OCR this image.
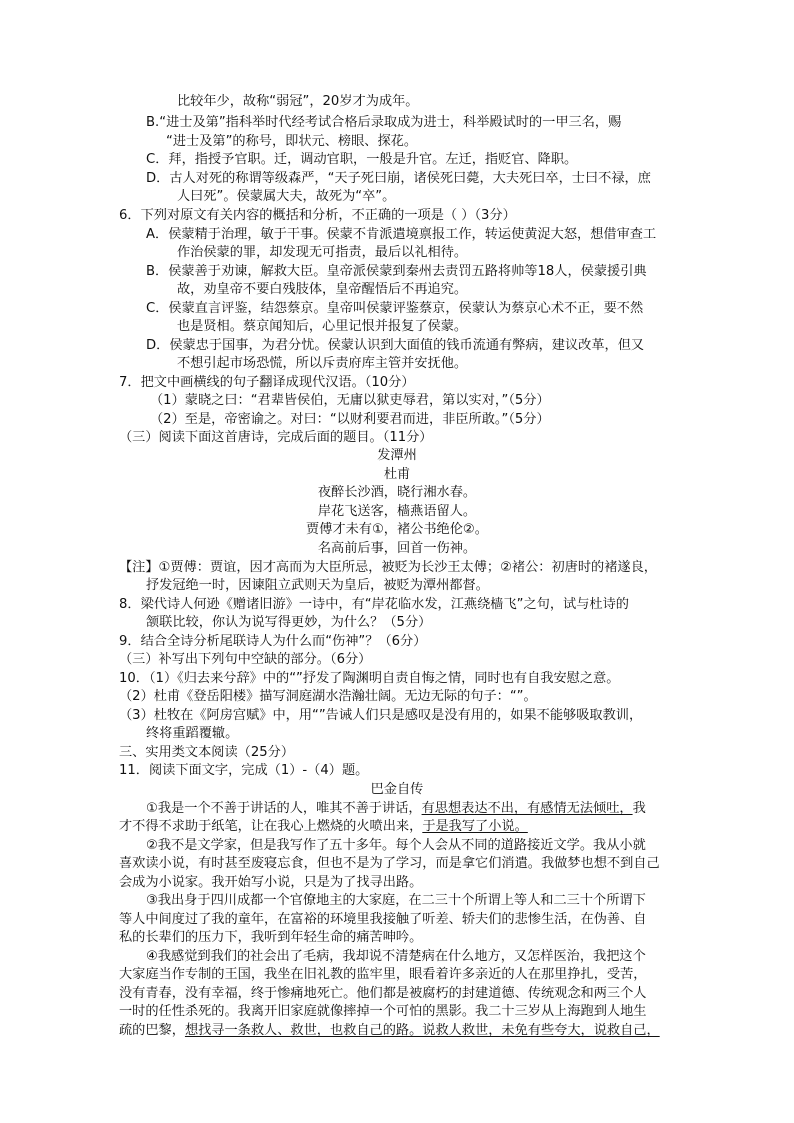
比较年少，故称“弱冠”，20岁才为成年。
B.“进士及第”指科举时代经考试合格后录取成为进士，科举殿试时的一甲三名，赐
“进士及第”的称号，即状元、榜眼、探花。
C．拜，指授予官职。迁，调动官职，一般是升官。左迁，指贬官、降职。
D．古人对死的称谓等级森严，“天子死曰崩，诸侯死曰薨，大夫死曰卒，士曰不禄，庶
人曰死”。侯蒙属大夫，故死为“卒”。
6．下列对原文有关内容的概括和分析，不正确的一项是（ ）（3分）
A．侯蒙精于治理，敏于干事。侯蒙不肯派遣境禀报工作，转运使黄浞大怒，想借审查工
作治侯蒙的罪，却发现无可指责，最后以礼相待。
B．侯蒙善于劝谏，解救大臣。皇帝派侯蒙到秦州去责罚五路将帅等18人，侯蒙援引典
故，劝皇帝不要白残肢体，皇帝醒悟后不再追究。
C．侯蒙直言评鉴，结怨蔡京。皇帝叫侯蒙评鉴蔡京，侯蒙认为蔡京心术不正，要不然
也是贤相。蔡京闻知后，心里记恨并报复了侯蒙。
D．侯蒙忠于国事，为君分忧。侯蒙认识到大面值的钱币流通有弊病，建议改革，但又
不想引起市场恐慌，所以斥责府库主管并安抚他。
7．把文中画横线的句子翻译成现代汉语。（10分）
（1）蒙晓之曰：“君辈皆侯伯，无庸以狱吏辱君，第以实对，”（5分）
（2）至是，帝密谕之。对曰：“以财利要君而进，非臣所敢。”（5分）
（三）阅读下面这首唐诗，完成后面的题目。（11分）
发潭州
杜甫
夜醉长沙酒，晓行湘水春。
岸花飞送客，樯燕语留人。
贾傅才未有①，褚公书绝伦②。
名高前后事，回首一伤神。
【注】①贾傅：贾谊，因才高而为大臣所忌，被贬为长沙王太傅；②褚公：初唐时的褚遂良，
抒发冠绝一时，因谏阻立武则天为皇后，被贬为潭州都督。
8．梁代诗人何逊《赠诸旧游》一诗中，有“岸花临水发，江燕绕樯飞”之句，试与杜诗的
颔联比较，你认为说写得更妙，为什么？（5分）
9．结合全诗分析尾联诗人为什么而“伤神”？（6分）
（三）补写出下列句中空缺的部分。（6分）
10．（1）《归去来兮辞》中的“”抒发了陶渊明自责自悔之情，同时也有自我安慰之意。
（2）杜甫《登岳阳楼》描写洞庭湖水浩瀚壮阔。无边无际的句子：“”。
（3）杜牧在《阿房宫赋》中，用“”告诫人们只是感叹是没有用的，如果不能够吸取教训，
终将重蹈覆辙。
三、实用类文本阅读（25分）
11．阅读下面文字，完成（1）-（4）题。
巴金自传
①我是一个不善于讲话的人，唯其不善于讲话，有思想表达不出，有感情无法倾吐，我
才不得不求助于纸笔，让在我心上燃烧的火喷出来，于是我写了小说。
②我不是文学家，但是我写作了五十多年。每个人会从不同的道路接近文学。我从小就
喜欢读小说，有时甚至废寝忘食，但也不是为了学习，而是拿它们消遣。我做梦也想不到自己
会成为小说家。我开始写小说，只是为了找寻出路。
③我出身于四川成都一个官僚地主的大家庭，在二三十个所谓上等人和二三十个所谓下
等人中间度过了我的童年，在富裕的环境里我接触了听差、轿夫们的悲惨生活，在伪善、自
私的长辈们的压力下，我听到年轻生命的痛苦呻吟。
④我感觉到我们的社会出了毛病，我却说不清楚病在什么地方，又怎样医治，我把这个
大家庭当作专制的王国，我坐在旧礼教的监牢里，眼看着许多亲近的人在那里挣扎，受苦，
没有青春，没有幸福，终于惨痛地死亡。他们都是被腐朽的封建道德、传统观念和两三个人
一时的任性杀死的。我离开旧家庭就像摔掉一个可怕的黑影。我二十三岁从上海跑到人地生
疏的巴黎，想找寻一条救人、救世，也救自己的路。说救人救世，未免有些夸大，说救自己，
